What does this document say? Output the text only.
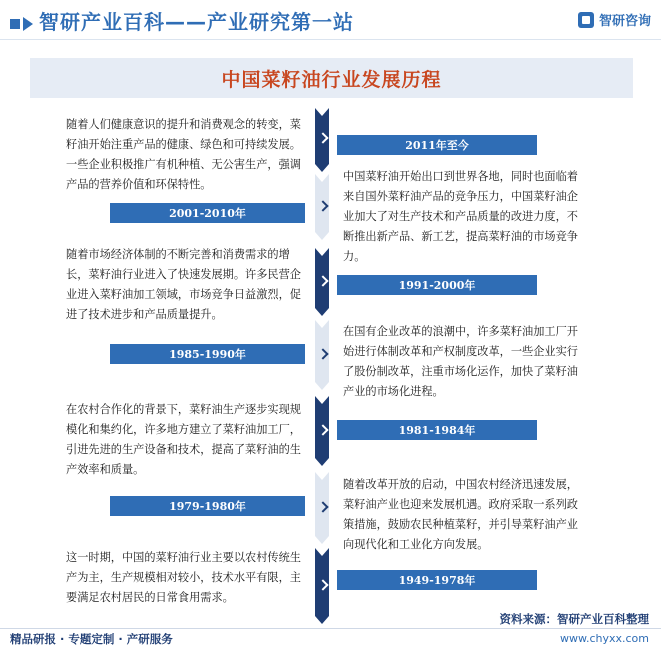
智研产业百科——产业研究第一站	智研咨询
中国菜籽油行业发展历程
2011年至今
2001-2010年
1991-2000年
1985-1990年
1981-1984年
1979-1980年
1949-1978年
中国菜籽油开始出口到世界各地，同时也面临着来自国外菜籽油产品的竞争压力，中国菜籽油企业加大了对生产技术和产品质量的改进力度，不断推出新产品、新工艺，提高菜籽油的市场竞争力。
随着人们健康意识的提升和消费观念的转变，菜籽油开始注重产品的健康、绿色和可持续发展。一些企业积极推广有机种植、无公害生产，强调产品的营养价值和环保特性。
在国有企业改革的浪潮中，许多菜籽油加工厂开始进行体制改革和产权制度改革，一些企业实行了股份制改革，注重市场化运作，加快了菜籽油产业的市场化进程。
随着市场经济体制的不断完善和消费需求的增长，菜籽油行业进入了快速发展期。许多民营企业进入菜籽油加工领域，市场竞争日益激烈，促进了技术进步和产品质量提升。
随着改革开放的启动，中国农村经济迅速发展，菜籽油产业也迎来发展机遇。政府采取一系列政策措施，鼓励农民种植菜籽，并引导菜籽油产业向现代化和工业化方向发展。
在农村合作化的背景下，菜籽油生产逐步实现规模化和集约化，许多地方建立了菜籽油加工厂，引进先进的生产设备和技术，提高了菜籽油的生产效率和质量。
这一时期，中国的菜籽油行业主要以农村传统生产为主，生产规模相对较小，技术水平有限，主要满足农村居民的日常食用需求。
资料来源：智研产业百科整理
精品研报 · 专题定制 · 产研服务	www.chyxx.com
